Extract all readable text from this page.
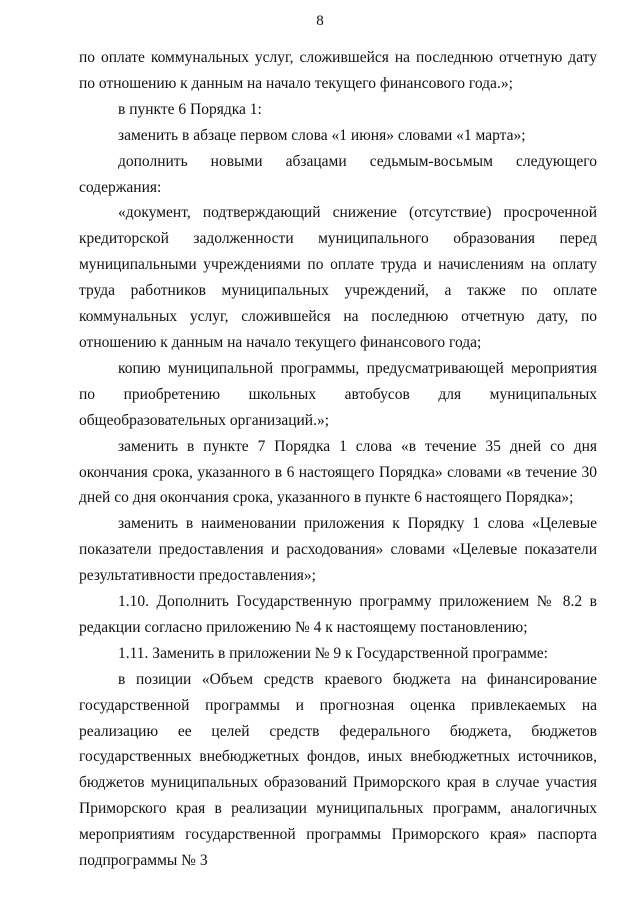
8

по оплате коммунальных услуг, сложившейся на последнюю отчетную дату по отношению к данным на начало текущего финансового года.»;

в пункте 6 Порядка 1:

заменить в абзаце первом слова «1 июня» словами «1 марта»;

дополнить новыми абзацами седьмым-восьмым следующего содержания:

«документ, подтверждающий снижение (отсутствие) просроченной кредиторской задолженности муниципального образования перед муниципальными учреждениями по оплате труда и начислениям на оплату труда работников муниципальных учреждений, а также по оплате коммунальных услуг, сложившейся на последнюю отчетную дату, по отношению к данным на начало текущего финансового года;

копию муниципальной программы, предусматривающей мероприятия по приобретению школьных автобусов для муниципальных общеобразовательных организаций.»;

заменить в пункте 7 Порядка 1 слова «в течение 35 дней со дня окончания срока, указанного в 6 настоящего Порядка» словами «в течение 30 дней со дня окончания срока, указанного в пункте 6 настоящего Порядка»;

заменить в наименовании приложения к Порядку 1 слова «Целевые показатели предоставления и расходования» словами «Целевые показатели результативности предоставления»;

1.10. Дополнить Государственную программу приложением № 8.2 в редакции согласно приложению № 4 к настоящему постановлению;

1.11. Заменить в приложении № 9 к Государственной программе:

в позиции «Объем средств краевого бюджета на финансирование государственной программы и прогнозная оценка привлекаемых на реализацию ее целей средств федерального бюджета, бюджетов государственных внебюджетных фондов, иных внебюджетных источников, бюджетов муниципальных образований Приморского края в случае участия Приморского края в реализации муниципальных программ, аналогичных мероприятиям государственной программы Приморского края» паспорта подпрограммы № 3
